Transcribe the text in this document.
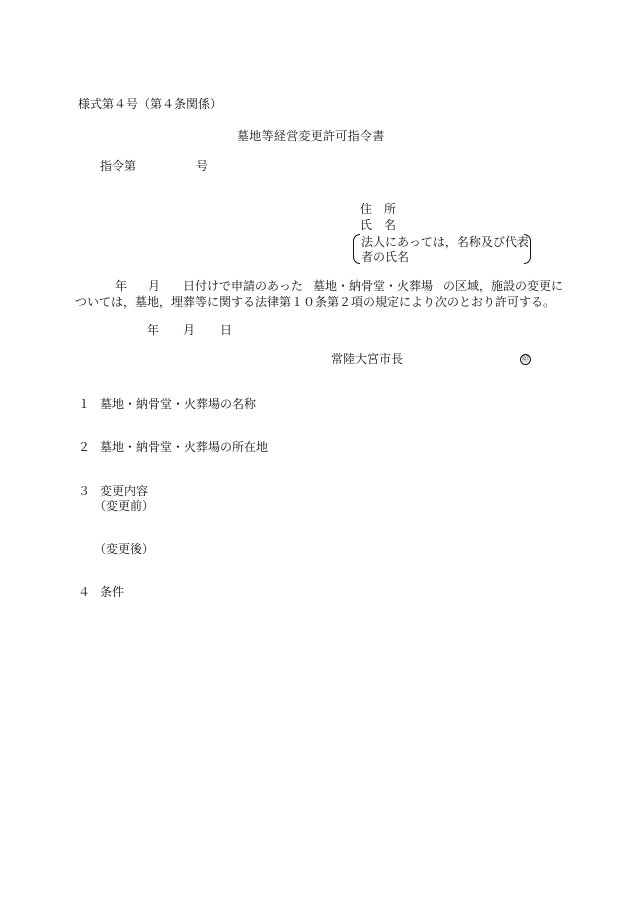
様式第４号（第４条関係）
墓地等経営変更許可指令書
指令第	号
住　所
氏　名
法人にあっては，名称及び代表
者の氏名
年 月 日付けで申請のあった 墓地・納骨堂・火葬場 の区域，施設の変更に
ついては，墓地，埋葬等に関する法律第１０条第２項の規定により次のとおり許可する。
年 月 日
常陸大宮市長	㊞
１ 墓地・納骨堂・火葬場の名称
２ 墓地・納骨堂・火葬場の所在地
３ 変更内容
（変更前）
（変更後）
４ 条件
